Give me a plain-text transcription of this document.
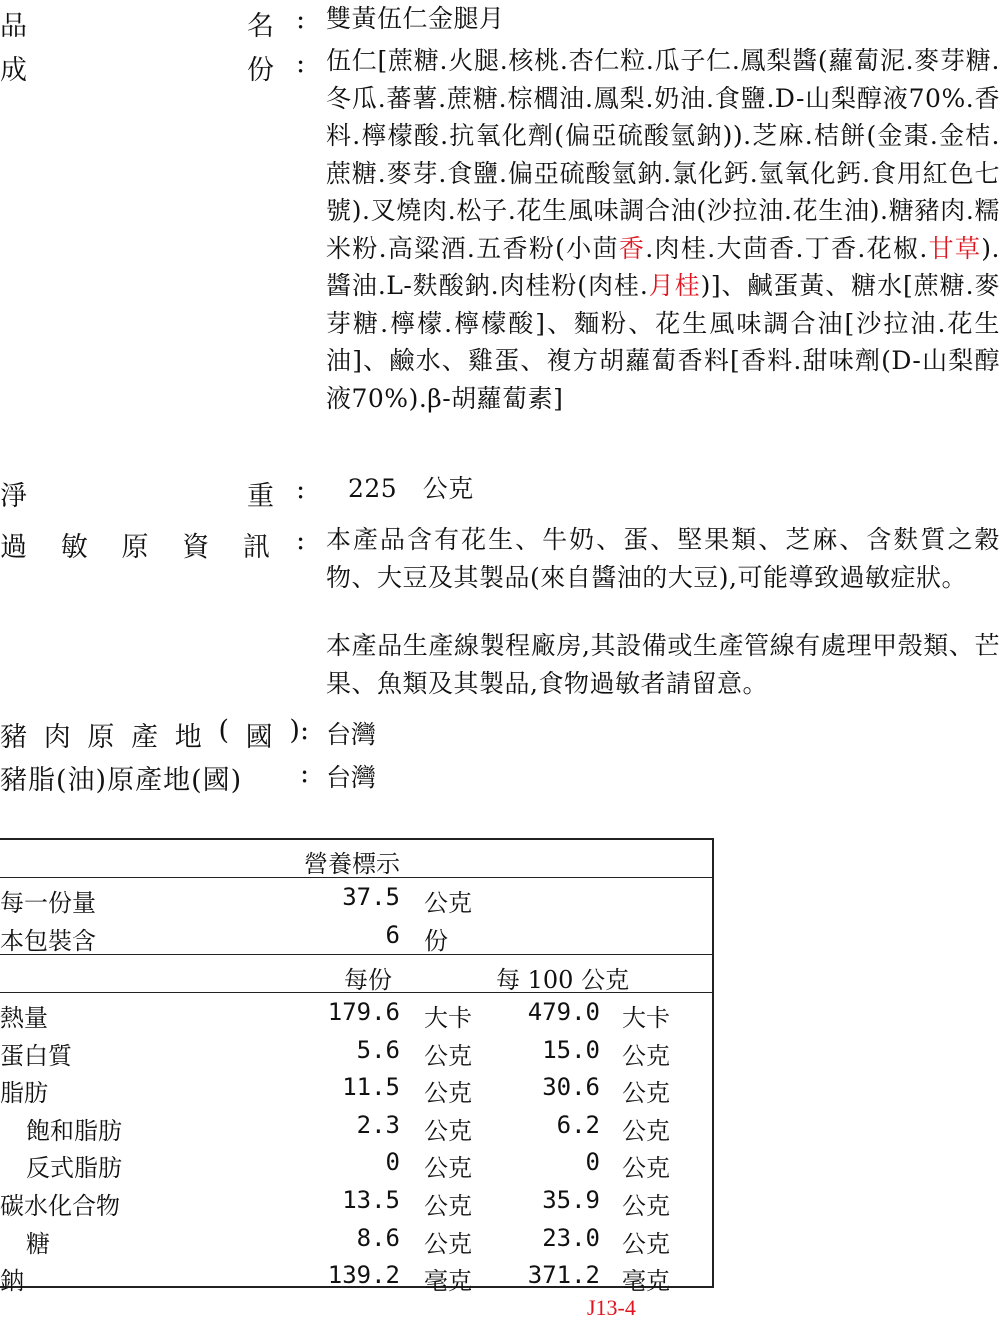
品	名 : 雙黃伍仁金腿月
成	份 : 伍仁[蔗糖.火腿.核桃.杏仁粒.瓜子仁.鳳梨醬(蘿蔔泥.麥芽糖.冬瓜.蕃薯.蔗糖.棕櫚油.鳳梨.奶油.食鹽.D-山梨醇液70%.香料.檸檬酸.抗氧化劑(偏亞硫酸氫鈉)).芝麻.桔餅(金棗.金桔.蔗糖.麥芽.食鹽.偏亞硫酸氫鈉.氯化鈣.氫氧化鈣.食用紅色七號).叉燒肉.松子.花生風味調合油(沙拉油.花生油).糖豬肉.糯米粉.高粱酒.五香粉(小茴香.肉桂.大茴香.丁香.花椒.甘草).醬油.L-麩酸鈉.肉桂粉(肉桂.月桂)]、鹹蛋黃、糖水[蔗糖.麥芽糖.檸檬.檸檬酸]、麵粉、花生風味調合油[沙拉油.花生油]、鹼水、雞蛋、複方胡蘿蔔香料[香料.甜味劑(D-山梨醇液70%).β-胡蘿蔔素]
淨	重 : 225　公克
過 敏 原 資 訊 : 本產品含有花生、牛奶、蛋、堅果類、芝麻、含麩質之穀物、大豆及其製品(來自醬油的大豆),可能導致過敏症狀。
本產品生產線製程廠房,其設備或生產管線有處理甲殼類、芒果、魚類及其製品,食物過敏者請留意。
豬 肉 原 產 地 ( 國 ) : 台灣
豬脂(油)原產地(國) : 台灣
營養標示
每一份量	37.5 公克
本包裝含	6 份
每份	每 100 公克
熱量	179.6 大卡	479.0 大卡
蛋白質	5.6 公克	15.0 公克
脂肪	11.5 公克	30.6 公克
飽和脂肪	2.3 公克	6.2 公克
反式脂肪	0 公克	0 公克
碳水化合物	13.5 公克	35.9 公克
糖	8.6 公克	23.0 公克
鈉	139.2 毫克	371.2 毫克
J13-4
